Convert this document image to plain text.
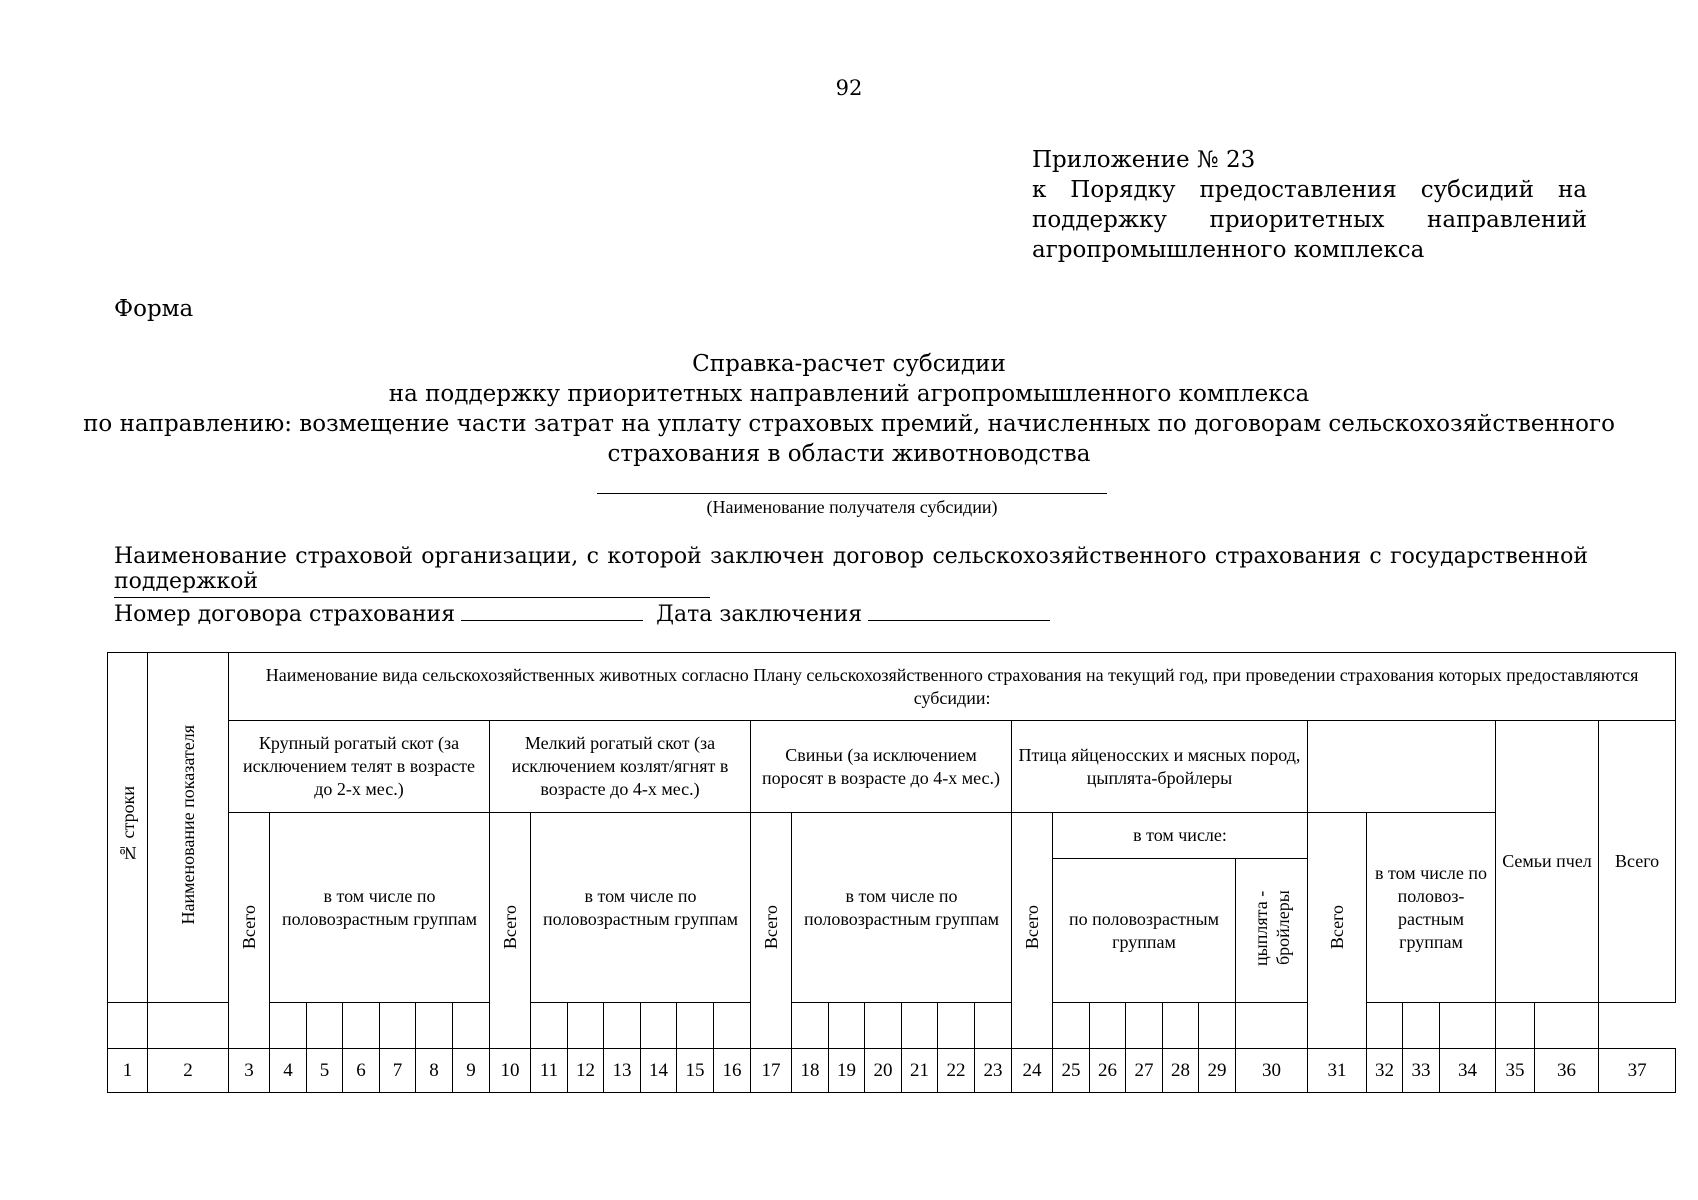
92
Приложение № 23
к Порядку предоставления субсидий на поддержку приоритетных направлений агропромышленного комплекса
Форма
Справка-расчет субсидии
на поддержку приоритетных направлений агропромышленного комплекса
по направлению: возмещение части затрат на уплату страховых премий, начисленных по договорам сельскохозяйственного
страхования в области животноводства
(Наименование получателя субсидии)
Наименование страховой организации, с которой заключен договор сельскохозяйственного страхования с государственной поддержкой
Номер договора страхования	Дата заключения
№ строки	Наименование показателя	Наименование вида сельскохозяйственных животных согласно Плану сельскохозяйственного страхования на текущий год, при проведении страхования которых предоставляются субсидии:																																		
		Крупный рогатый скот (за исключением телят в возрасте до 2-х мес.)							Мелкий рогатый скот (за исключением козлят/ягнят в возрасте до 4-х мес.)							Свиньи (за исключением поросят в возрасте до 4-х мес.)							Птица яйценосских и мясных пород, цыплята-бройлеры											Семьи пчел		Всего
		Всего	в том числе по половозрастным группам						Всего	в том числе по половозрастным группам						Всего	в том числе по половозрастным группам						Всего	в том числе:						Всего	в том числе по половоз-растным группам					
																								по половозрастным группам					цыплята - бройлеры							

1	2	3	4	5	6	7	8	9	10	11	12	13	14	15	16	17	18	19	20	21	22	23	24	25	26	27	28	29	30	31	32	33	34	35	36	37
